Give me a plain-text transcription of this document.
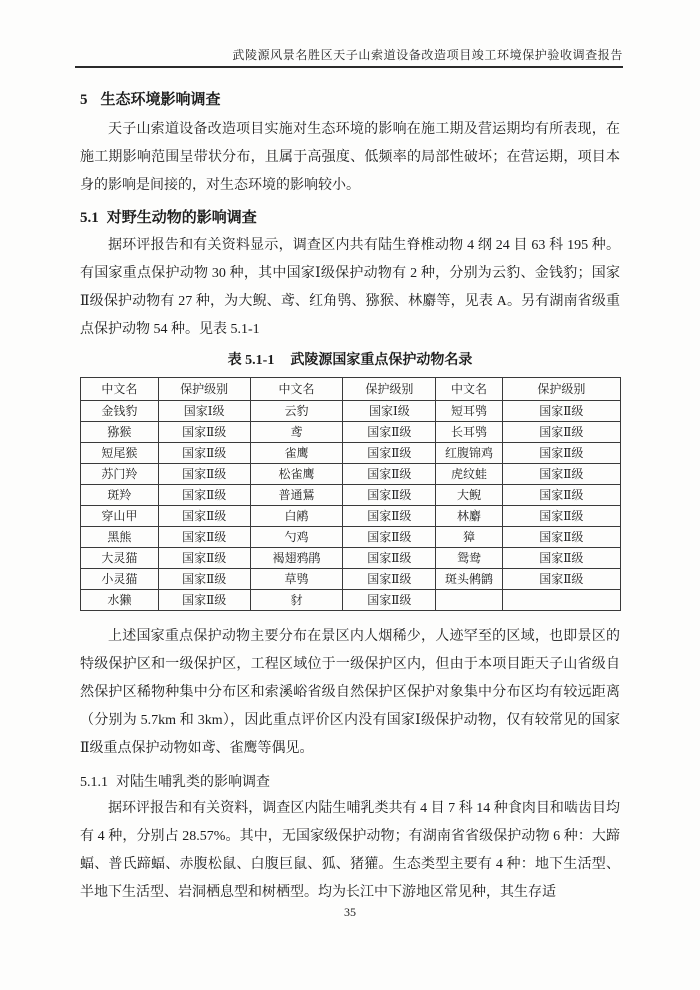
武陵源风景名胜区天子山索道设备改造项目竣工环境保护验收调查报告
5 生态环境影响调查

天子山索道设备改造项目实施对生态环境的影响在施工期及营运期均有所表现，在施工期影响范围呈带状分布，且属于高强度、低频率的局部性破坏；在营运期，项目本身的影响是间接的，对生态环境的影响较小。

5.1 对野生动物的影响调查

据环评报告和有关资料显示，调查区内共有陆生脊椎动物 4 纲 24 目 63 科 195 种。有国家重点保护动物 30 种，其中国家Ⅰ级保护动物有 2 种，分别为云豹、金钱豹；国家Ⅱ级保护动物有 27 种，为大鲵、鸢、红角鸮、猕猴、林麝等，见表 A。另有湖南省级重点保护动物 54 种。见表 5.1-1

表 5.1-1 武陵源国家重点保护动物名录
中文名	保护级别	中文名	保护级别	中文名	保护级别
金钱豹	国家Ⅰ级	云豹	国家Ⅰ级	短耳鸮	国家Ⅱ级
猕猴	国家Ⅱ级	鸢	国家Ⅱ级	长耳鸮	国家Ⅱ级
短尾猴	国家Ⅱ级	雀鹰	国家Ⅱ级	红腹锦鸡	国家Ⅱ级
苏门羚	国家Ⅱ级	松雀鹰	国家Ⅱ级	虎纹蛙	国家Ⅱ级
斑羚	国家Ⅱ级	普通鵟	国家Ⅱ级	大鲵	国家Ⅱ级
穿山甲	国家Ⅱ级	白鹇	国家Ⅱ级	林麝	国家Ⅱ级
黑熊	国家Ⅱ级	勺鸡	国家Ⅱ级	獐	国家Ⅱ级
大灵猫	国家Ⅱ级	褐翅鸦鹃	国家Ⅱ级	鸳鸯	国家Ⅱ级
小灵猫	国家Ⅱ级	草鸮	国家Ⅱ级	斑头鸺鹠	国家Ⅱ级
水獭	国家Ⅱ级	豺	国家Ⅱ级		

上述国家重点保护动物主要分布在景区内人烟稀少，人迹罕至的区域，也即景区的特级保护区和一级保护区，工程区域位于一级保护区内，但由于本项目距天子山省级自然保护区稀物种集中分布区和索溪峪省级自然保护区保护对象集中分布区均有较远距离（分别为 5.7km 和 3km），因此重点评价区内没有国家Ⅰ级保护动物，仅有较常见的国家Ⅱ级重点保护动物如鸢、雀鹰等偶见。

5.1.1 对陆生哺乳类的影响调查

据环评报告和有关资料，调查区内陆生哺乳类共有 4 目 7 科 14 种食肉目和啮齿目均有 4 种，分别占 28.57%。其中，无国家级保护动物；有湖南省省级保护动物 6 种：大蹄蝠、普氏蹄蝠、赤腹松鼠、白腹巨鼠、狐、猪獾。生态类型主要有 4 种：地下生活型、半地下生活型、岩洞栖息型和树栖型。均为长江中下游地区常见种，其生存适

35
